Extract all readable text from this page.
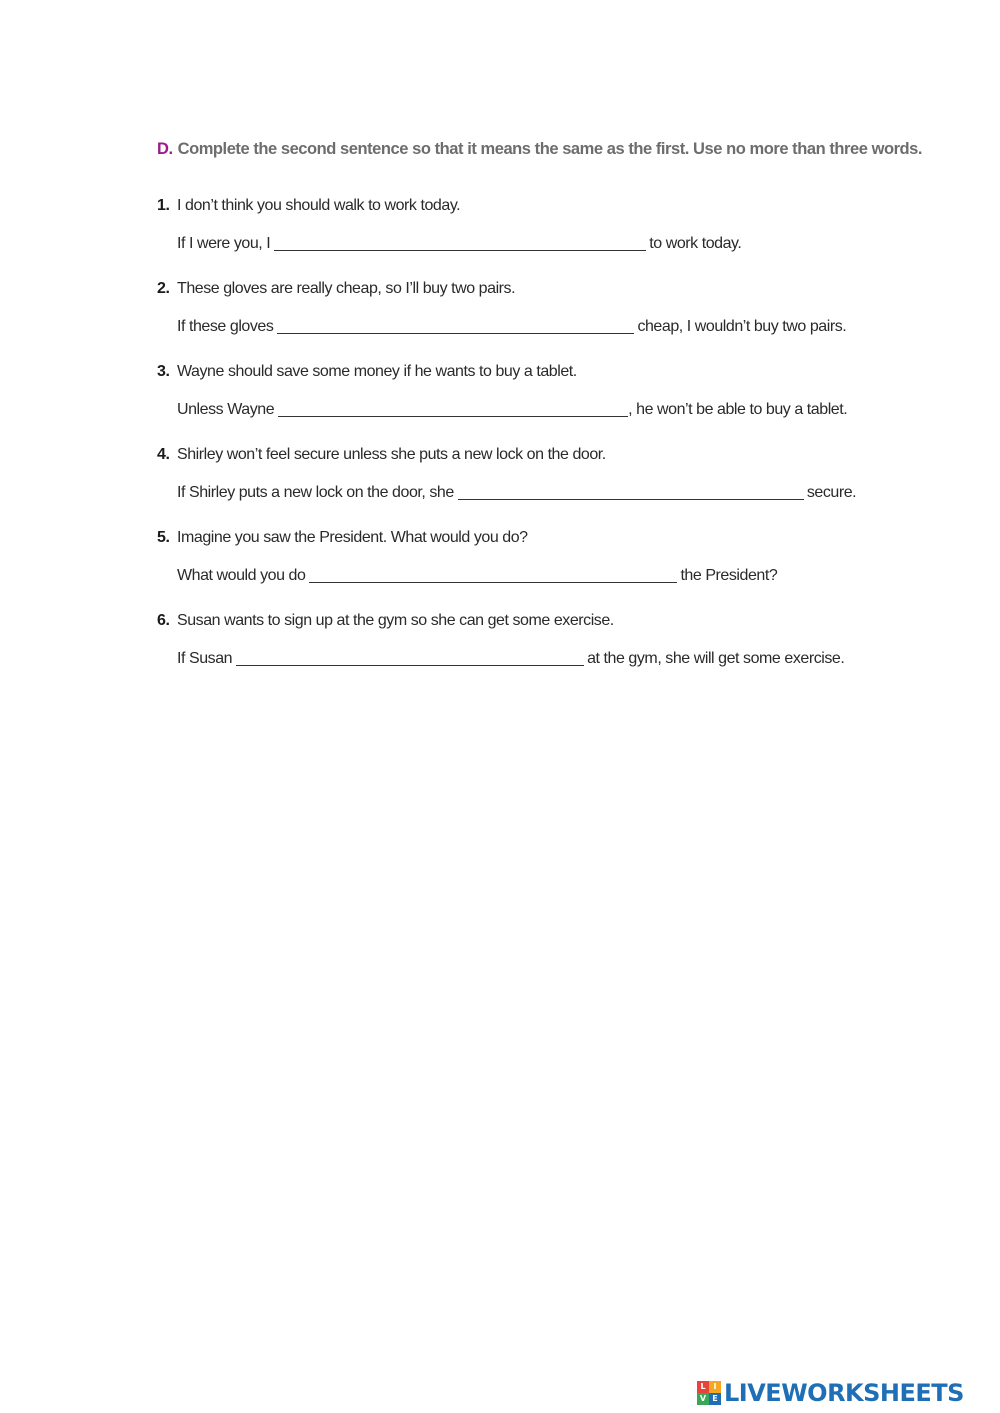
D. Complete the second sentence so that it means the same as the first. Use no more than three words.
1. I don’t think you should walk to work today.
If I were you, I	to work today.
2. These gloves are really cheap, so I’ll buy two pairs.
If these gloves	cheap, I wouldn’t buy two pairs.
3. Wayne should save some money if he wants to buy a tablet.
Unless Wayne	, he won’t be able to buy a tablet.
4. Shirley won’t feel secure unless she puts a new lock on the door.
If Shirley puts a new lock on the door, she	secure.
5. Imagine you saw the President. What would you do?
What would you do	the President?
6. Susan wants to sign up at the gym so she can get some exercise.
If Susan	at the gym, she will get some exercise.
L I
V E LIVEWORKSHEETS
